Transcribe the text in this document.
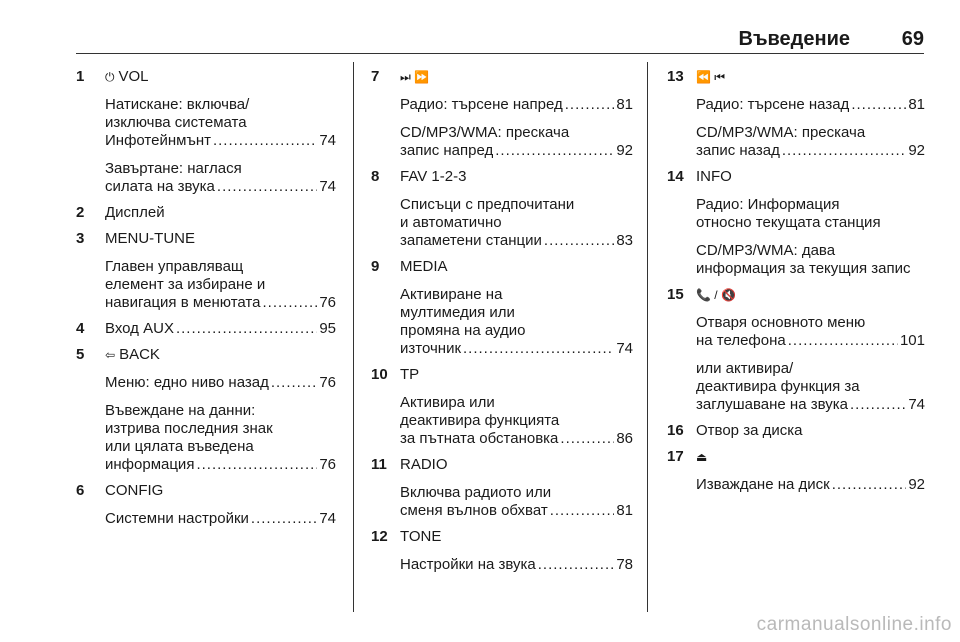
Въведение	69
1 ⏻ VOL
Натискане: включва/
изключва системата
Инфотейнмънт .....	74
Завъртане: наглася
силата на звука .....	74
2 Дисплей
3 MENU-TUNE
Главен управляващ
елемент за избиране и
навигация в менютата .....	76
4 Вход AUX .....	95
5 ⇦ BACK
Меню: едно ниво назад .....	76
Въвеждане на данни:
изтрива последния знак
или цялата въведена
информация .....	76
6 CONFIG
Системни настройки .....	74
7 ⏭ ⏩
Радио: търсене напред .....	81
CD/MP3/WMA: прескача
запис напред .....	92
8 FAV 1-2-3
Списъци с предпочитани
и автоматично
запаметени станции .....	83
9 MEDIA
Активиране на
мултимедия или
промяна на аудио
източник .....	74
10 TP
Активира или
деактивира функцията
за пътната обстановка .....	86
11 RADIO
Включва радиото или
сменя вълнов обхват .....	81
12 TONE
Настройки на звука .....	78
13 ⏪ ⏮
Радио: търсене назад .....	81
CD/MP3/WMA: прескача
запис назад .....	92
14 INFO
Радио: Информация
относно текущата станция
CD/MP3/WMA: дава
информация за текущия запис
15 📞 / 🔇
Отваря основното меню
на телефона .....	101
или активира/
деактивира функция за
заглушаване на звука .....	74
16 Отвор за диска
17 ⏏
Изваждане на диск .....	92
carmanualsonline.info
